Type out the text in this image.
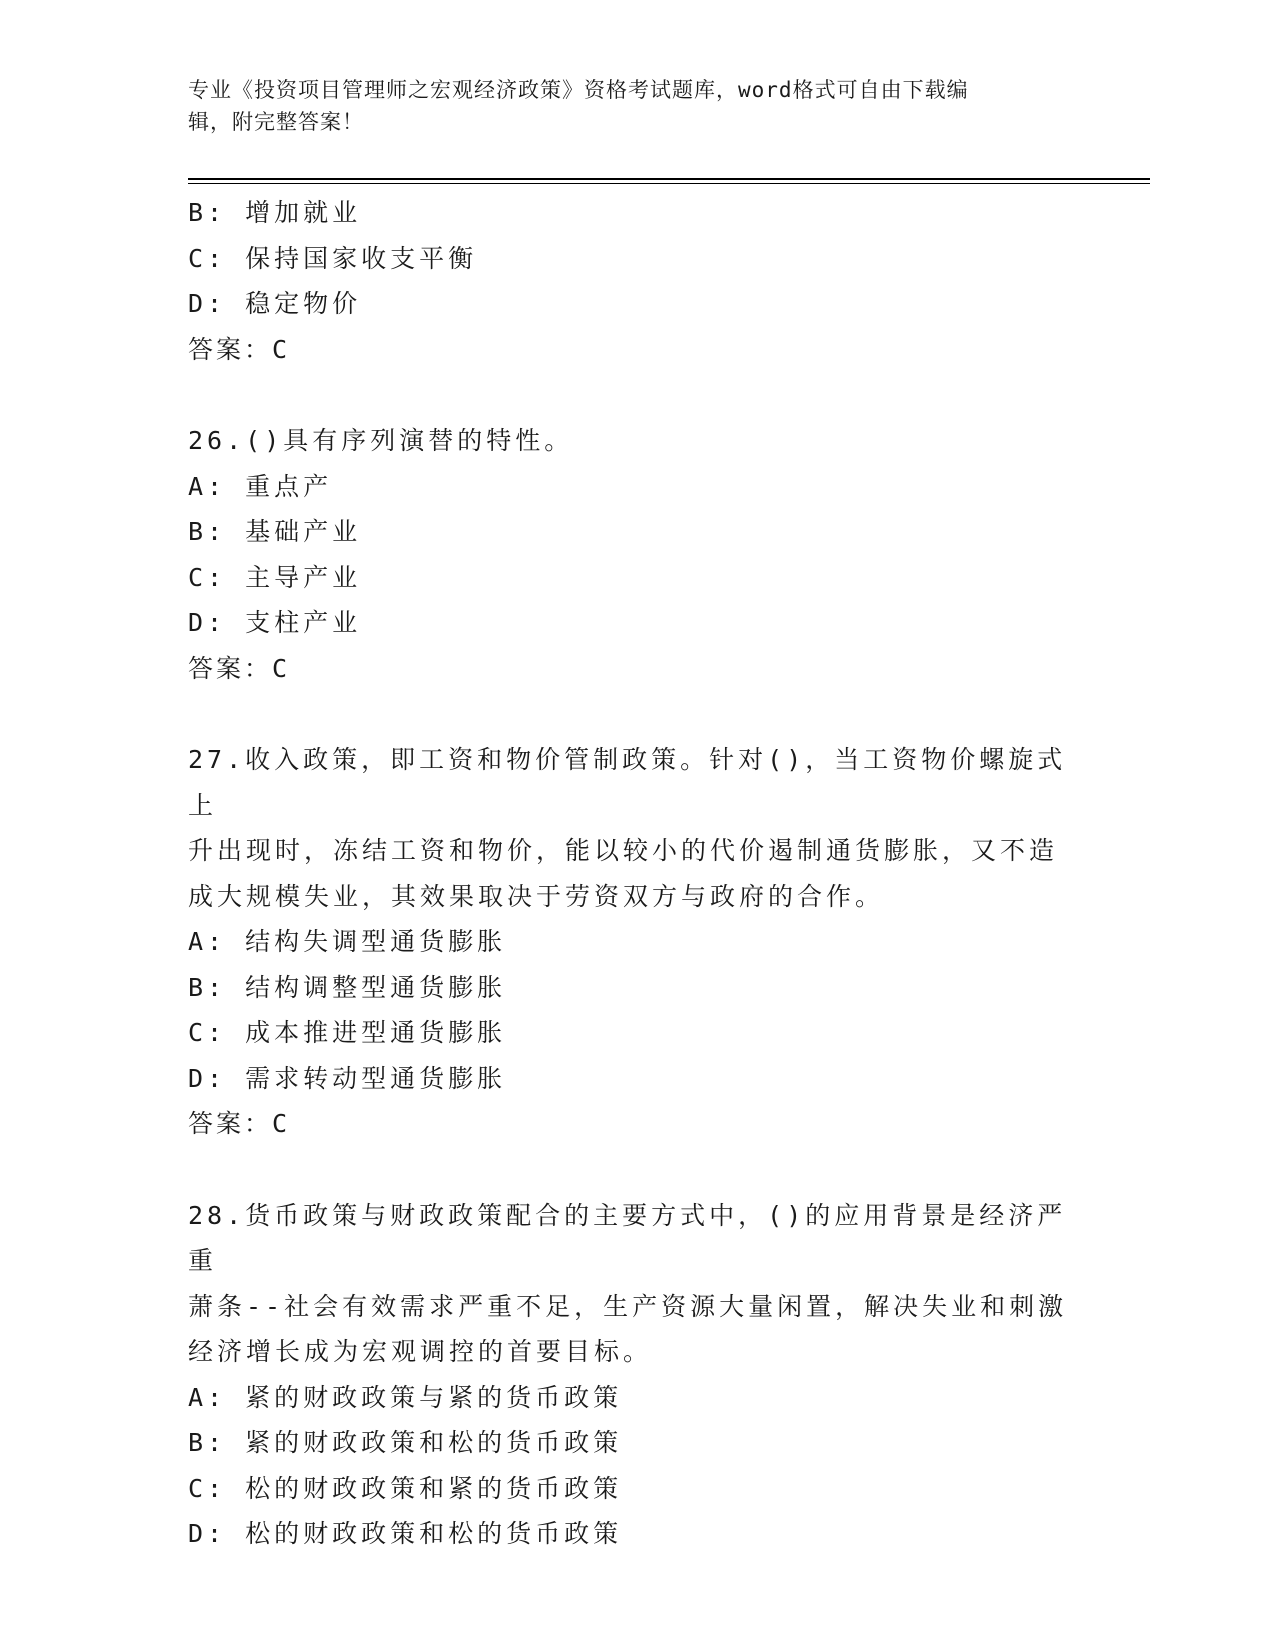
专业《投资项目管理师之宏观经济政策》资格考试题库，word格式可自由下载编
辑，附完整答案！
B: 增加就业
C: 保持国家收支平衡
D: 稳定物价
答案：C
26.()具有序列演替的特性。
A: 重点产
B: 基础产业
C: 主导产业
D: 支柱产业
答案：C
27.收入政策，即工资和物价管制政策。针对()，当工资物价螺旋式上
升出现时，冻结工资和物价，能以较小的代价遏制通货膨胀，又不造
成大规模失业，其效果取决于劳资双方与政府的合作。
A: 结构失调型通货膨胀
B: 结构调整型通货膨胀
C: 成本推进型通货膨胀
D: 需求转动型通货膨胀
答案：C
28.货币政策与财政政策配合的主要方式中，()的应用背景是经济严重
萧条--社会有效需求严重不足，生产资源大量闲置，解决失业和刺激
经济增长成为宏观调控的首要目标。
A: 紧的财政政策与紧的货币政策
B: 紧的财政政策和松的货币政策
C: 松的财政政策和紧的货币政策
D: 松的财政政策和松的货币政策
